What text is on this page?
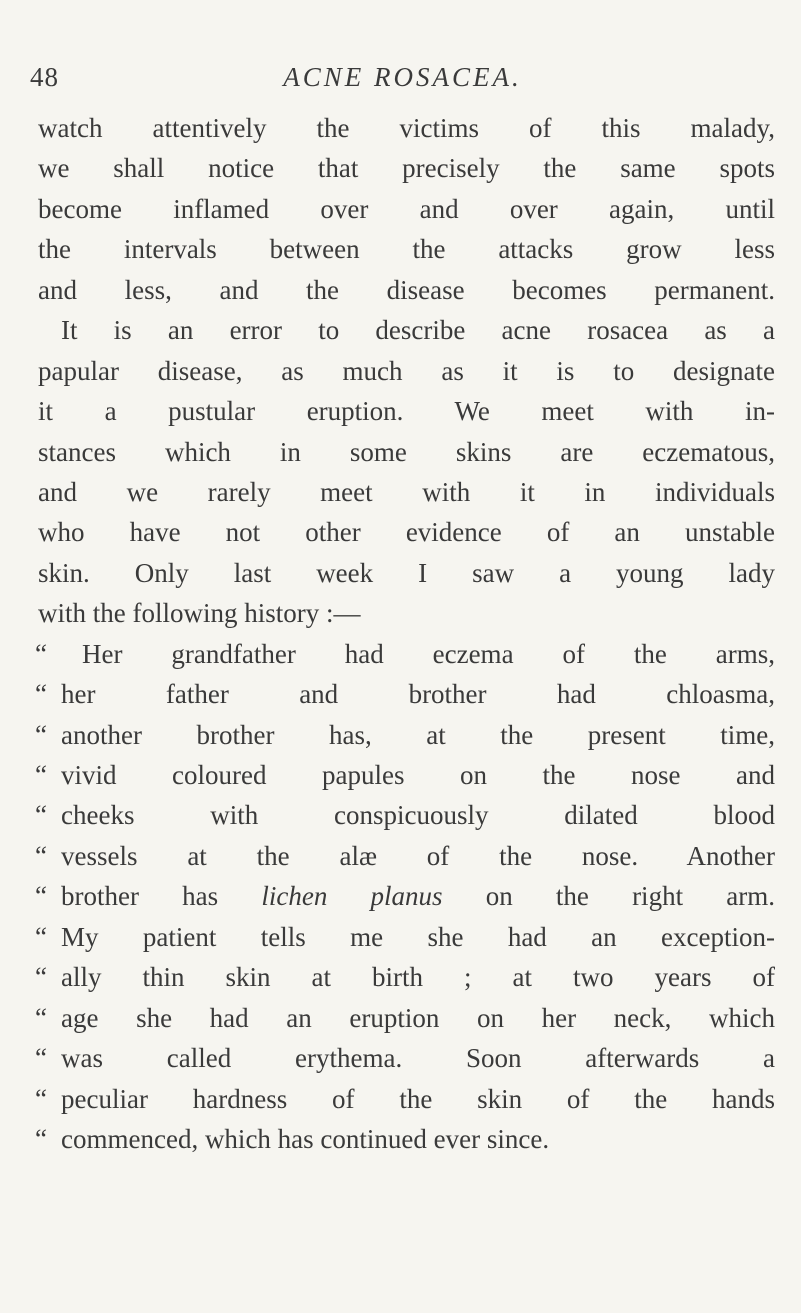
48	ACNE ROSACEA.
watch attentively the victims of this malady,
we shall notice that precisely the same spots
become inflamed over and over again, until
the intervals between the attacks grow less
and less, and the disease becomes permanent.
It is an error to describe acne rosacea as a
papular disease, as much as it is to designate
it a pustular eruption. We meet with in-
stances which in some skins are eczematous,
and we rarely meet with it in individuals
who have not other evidence of an unstable
skin. Only last week I saw a young lady
with the following history :—
“	Her grandfather had eczema of the arms,
“ her father and brother had chloasma,
“ another brother has, at the present time,
“ vivid coloured papules on the nose and
“ cheeks with conspicuously dilated blood
“ vessels at the alæ of the nose. Another
“ brother has lichen planus on the right arm.
“ My patient tells me she had an exception-
“ ally thin skin at birth ; at two years of
“ age she had an eruption on her neck, which
“ was called erythema. Soon afterwards a
“ peculiar hardness of the skin of the hands
“ commenced, which has continued ever since.
